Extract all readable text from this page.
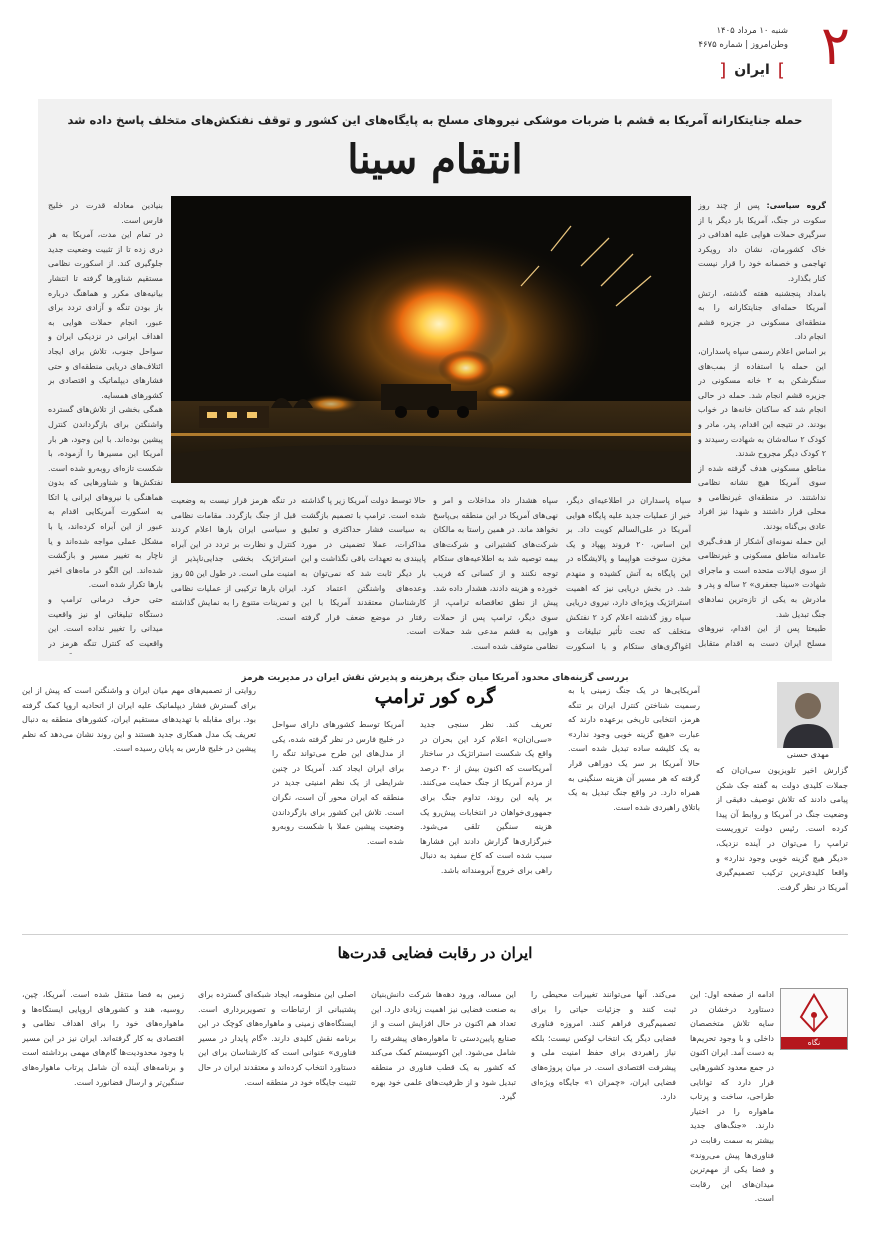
۲
شنبه ۱۰ مرداد ۱۴۰۵
وطن‌امروز | شماره ۴۶۷۵
]
ایران
[
حمله جنایتکارانه آمریکا به قشم با ضربات موشکی نیروهای مسلح به پایگاه‌های این کشور و توقف نفتکش‌های متخلف پاسخ داده شد
انتقام سینا

گروه سیاسی: پس از چند روز سکوت در جنگ، آمریکا بار دیگر با از سرگیری حملات هوایی علیه اهدافی در خاک کشورمان، نشان داد رویکرد تهاجمی و خصمانه خود را قرار نیست کنار بگذارد.

بامداد پنجشنبه هفته گذشته، ارتش آمریکا حمله‌ای جنایتکارانه را به منطقه‌ای مسکونی در جزیره قشم انجام داد.

بر اساس اعلام رسمی سپاه پاسداران، این حمله با استفاده از بمب‌های سنگرشکن به ۲ خانه مسکونی در جزیره قشم انجام شد. حمله در حالی انجام شد که ساکنان خانه‌ها در خواب بودند. در نتیجه این اقدام، پدر، مادر و کودک ۲ ساله‌شان به شهادت رسیدند و ۲ کودک دیگر مجروح شدند.

مناطق مسکونی هدف گرفته شده از سوی آمریکا هیچ نشانه نظامی نداشتند. در منطقه‌ای غیرنظامی و محلی قرار داشتند و شهدا نیز افراد عادی بی‌گناه بودند.

این حمله نمونه‌ای آشکار از هدف‌گیری عامدانه مناطق مسکونی و غیرنظامی از سوی ایالات متحده است و ماجرای شهادت «سینا جعفری» ۲ ساله و پدر و مادرش به یکی از تازه‌ترین نمادهای جنگ تبدیل شد.

طبیعتا پس از این اقدام، نیروهای مسلح ایران دست به اقدام متقابل

بنیادین معادله قدرت در خلیج فارس است.

در تمام این مدت، آمریکا به هر دری زده تا از تثبیت وضعیت جدید جلوگیری کند. از اسکورت نظامی مستقیم شناورها گرفته تا انتشار بیانیه‌های مکرر و هماهنگ درباره باز بودن تنگه و آزادی تردد برای عبور، انجام حملات هوایی به اهداف ایرانی در نزدیکی ایران و سواحل جنوب، تلاش برای ایجاد ائتلاف‌های دریایی منطقه‌ای و حتی فشارهای دیپلماتیک و اقتصادی بر کشورهای همسایه.

همگی بخشی از تلاش‌های گسترده واشنگتن برای بازگرداندن کنترل پیشین بوده‌اند. با این وجود، هر بار آمریکا این مسیرها را آزموده، با شکست تازه‌ای روبه‌رو شده است. نفتکش‌ها و شناورهایی که بدون هماهنگی با نیروهای ایرانی یا اتکا به اسکورت آمریکایی اقدام به عبور از این آبراه کرده‌اند، یا با مشکل عملی مواجه شده‌اند و یا ناچار به تغییر مسیر و بازگشت شده‌اند. این الگو در ماه‌های اخیر بارها تکرار شده است.

حتی حرف درمانی ترامپ و دستگاه تبلیغاتی او نیز واقعیت میدانی را تغییر نداده است. این واقعیت که کنترل تنگه هرمز در

سپاه پاسداران در اطلاعیه‌ای دیگر، خبر از عملیات جدید علیه پایگاه هوایی آمریکا در علی‌السالم کویت داد. بر این اساس، ۲۰ فروند پهپاد و یک مخزن سوخت هواپیما و پالایشگاه در این پایگاه به آتش کشیده و منهدم شد. در بخش دریایی نیز که اهمیت استراتژیک ویژه‌ای دارد، نیروی دریایی سپاه روز گذشته اعلام کرد ۲ نفتکش متخلف که تحت تأثیر تبلیغات و اغواگری‌های ستکام و با اسکورت
سپاه هشدار داد مداخلات و امر و نهی‌های آمریکا در این منطقه بی‌پاسخ نخواهد ماند. در همین راستا به مالکان شرکت‌های کشتیرانی و شرکت‌های بیمه توصیه شد به اطلاعیه‌های ستکام توجه نکنند و از کسانی که فریب خورده و هزینه دادند، هشدار داده شد. پیش از نطق تعاقصانه ترامپ، از سوی دیگر، ترامپ پس از حملات هوایی به قشم مدعی شد حملات نظامی متوقف شده است.
حالا توسط دولت آمریکا زیر پا گذاشته شده است. ترامپ با تصمیم بازگشت به سیاست فشار حداکثری و تعلیق مذاکرات، عملا تضمینی در مورد پایبندی به تعهدات باقی نگذاشت و این بار دیگر ثابت شد که نمی‌توان به وعده‌های واشنگتن اعتماد کرد. کارشناسان معتقدند آمریکا با این رفتار در موضع ضعف قرار گرفته است.
در تنگه هرمز قرار نیست به وضعیت قبل از جنگ بازگردد. مقامات نظامی و سیاسی ایران بارها اعلام کردند کنترل و نظارت بر تردد در این آبراه استراتژیک بخشی جدایی‌ناپذیر از امنیت ملی است. در طول این ۵۵ روز ایران بارها ترکیبی از عملیات نظامی و تمرینات متنوع را به نمایش گذاشته است.
بررسی گزینه‌های محدود آمریکا میان جنگ پرهزینه و پذیرش نقش ایران در مدیریت هرمز
گره کور ترامپ
مهدی حسنی
گزارش اخیر تلویزیون سی‌ان‌ان که جملات کلیدی دولت به گفته جک شکن پیامی دادند که تلاش توصیف دقیقی از وضعیت جنگ در آمریکا و روابط آن پیدا کرده است. رئیس دولت تروریست ترامپ را می‌توان در آینده نزدیک، «دیگر هیچ گزینه خوبی وجود ندارد» و واقعا کلیدی‌ترین ترکیب تصمیم‌گیری آمریکا در نظر گرفت.
آمریکایی‌ها در یک جنگ زمینی یا به رسمیت شناختن کنترل ایران بر تنگه هرمز، انتخابی تاریخی برعهده دارند که عبارت «هیچ گزینه خوبی وجود ندارد» به یک کلیشه ساده تبدیل شده است. حالا آمریکا بر سر یک دوراهی قرار گرفته که هر مسیر آن هزینه سنگینی به همراه دارد. در واقع جنگ تبدیل به یک باتلاق راهبردی شده است.
تعریف کند. نظر سنجی جدید «سی‌ان‌ان» اعلام کرد این بحران در واقع یک شکست استراتژیک در ساختار آمریکاست که اکنون بیش از ۳۰ درصد از مردم آمریکا از جنگ حمایت می‌کنند. بر پایه این روند، تداوم جنگ برای جمهوری‌خواهان در انتخابات پیش‌رو یک هزینه سنگین تلقی می‌شود. خبرگزاری‌ها گزارش دادند این فشارها سبب شده است که کاخ سفید به دنبال راهی برای خروج آبرومندانه باشد.
آمریکا توسط کشورهای دارای سواحل در خلیج فارس در نظر گرفته شده، یکی از مدل‌های این طرح می‌تواند تنگه را برای ایران ایجاد کند. آمریکا در چنین شرایطی از یک نظم امنیتی جدید در منطقه که ایران محور آن است، نگران است. تلاش این کشور برای بازگرداندن وضعیت پیشین عملا با شکست روبه‌رو شده است.
روایتی از تصمیم‌های مهم میان ایران و واشنگتن است که پیش از این برای گسترش فشار دیپلماتیک علیه ایران از اتحادیه اروپا کمک گرفته بود. برای مقابله با تهدیدهای مستقیم ایران، کشورهای منطقه به دنبال تعریف یک مدل همکاری جدید هستند و این روند نشان می‌دهد که نظم پیشین در خلیج فارس به پایان رسیده است.
ایران در رقابت فضایی قدرت‌ها
نگاه
ادامه از صفحه اول: این دستاورد درخشان در سایه تلاش متخصصان داخلی و با وجود تحریم‌ها به دست آمد. ایران اکنون در جمع معدود کشورهایی قرار دارد که توانایی طراحی، ساخت و پرتاب ماهواره را در اختیار دارند. «جنگ‌های جدید بیشتر به سمت رقابت در فناوری‌ها پیش می‌روند» و فضا یکی از مهم‌ترین میدان‌های این رقابت است.
می‌کند. آنها می‌توانند تغییرات محیطی را ثبت کنند و جزئیات حیاتی را برای تصمیم‌گیری فراهم کنند. امروزه فناوری فضایی دیگر یک انتخاب لوکس نیست؛ بلکه نیاز راهبردی برای حفظ امنیت ملی و پیشرفت اقتصادی است. در میان پروژه‌های فضایی ایران، «چمران ۱» جایگاه ویژه‌ای دارد.
این مساله، ورود دهه‌ها شرکت دانش‌بنیان به صنعت فضایی نیز اهمیت زیادی دارد. این تعداد هم اکنون در حال افزایش است و از صنایع پایین‌دستی تا ماهواره‌های پیشرفته را شامل می‌شود. این اکوسیستم کمک می‌کند که کشور به یک قطب فناوری در منطقه تبدیل شود و از ظرفیت‌های علمی خود بهره گیرد.
اصلی این منظومه، ایجاد شبکه‌ای گسترده برای پشتیبانی از ارتباطات و تصویربرداری است. ایستگاه‌های زمینی و ماهواره‌های کوچک در این برنامه نقش کلیدی دارند. «گام پایدار در مسیر فناوری» عنوانی است که کارشناسان برای این دستاورد انتخاب کرده‌اند و معتقدند ایران در حال تثبیت جایگاه خود در منطقه است.
زمین به فضا منتقل شده است. آمریکا، چین، روسیه، هند و کشورهای اروپایی ایستگاه‌ها و ماهواره‌های خود را برای اهداف نظامی و اقتصادی به کار گرفته‌اند. ایران نیز در این مسیر با وجود محدودیت‌ها گام‌های مهمی برداشته است و برنامه‌های آینده آن شامل پرتاب ماهواره‌های سنگین‌تر و ارسال فضانورد است.
